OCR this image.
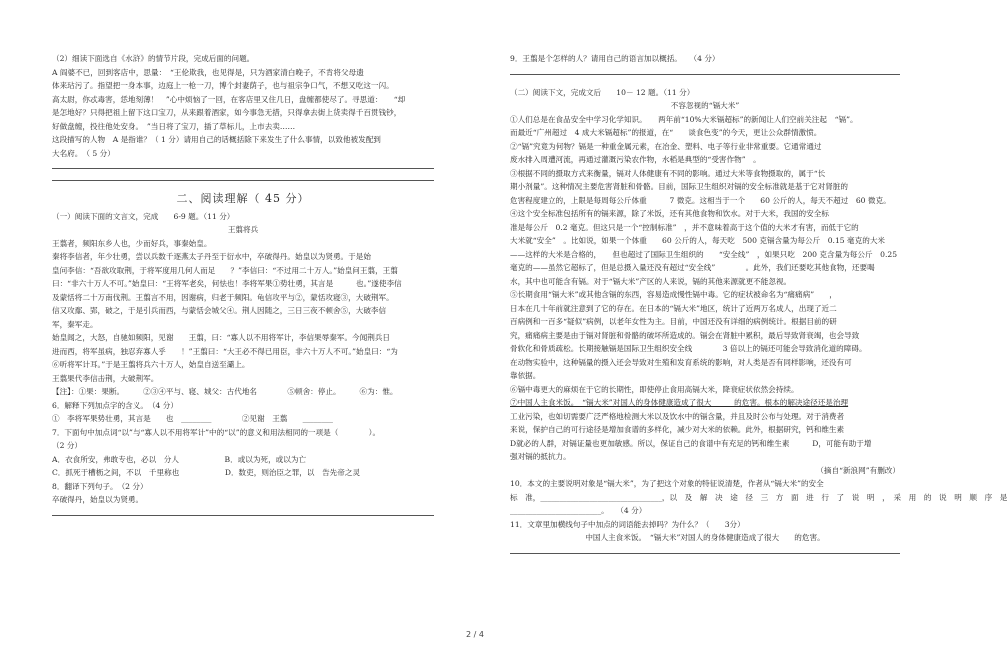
（2）细读下面选自《水浒》的情节片段，完成后面的问题。
A 阎婆不已，回到客店中，思量：　“王伦欺我，也见得是，只为酒家清白晚子，不肯将父母遗
体来玷污了。指望把一身本事，边庭上一枪一刀，博个封妻荫子，也与祖宗争口气，不想又吃这一闪。
高太尉，你忒毒害，恁地刻薄！　”心中烦恼了一回，在客店里又住几日，盘缠都使尽了。寻思道：　　“却
是怎地好？只得把祖上留下这口宝刀，从来跟着酒家，如今事急无措，只得拿去街上货卖得千百贯钱钞，
好做盘缠，投往他处安身。　”当日将了宝刀，插了草标儿，上市去卖……
这段描写的人物　A 是指谁？（ 1 分）请用自己的话概括除下来发生了什么事情，以致他被发配到
大名府。　（ 5 分）
二、阅读理解（ 45 分）
（一）阅读下面的文言文，完成　　6-9 题。（11 分）
王翦将兵
王翦者，频阳东乡人也，少而好兵，事秦始皇。
秦将李信者，年少壮勇，尝以兵数千逐燕太子丹至于衍水中，卒破得丹。始皇以为贤勇。于是始
皇问李信：“吾欲攻取荆，于将军度用几何人而足　　？”李信曰：“不过用二十万人。”始皇问王翦，王翦
曰：“非六十万人不可。”始皇曰：“王将军老矣，何怯也！李将军果①势壮勇，其言是　　　也。”遂使李信
及蒙恬将二十万南伐荆。王翦言不用，因谢病，归老于频阳。龟信攻平与②，蒙恬攻寝③，大破荆军。
信又攻鄢、郢，破之，于是引兵而西，与蒙恬会城父④。荆人因随之，三日三夜不顿舍⑤，大破李信
军，秦军走。
始皇闻之，大怒，自驰如频阳，见谢　　王翦，曰：“寡人以不用将军计，李信果辱秦军。今闻荆兵日
进而西，将军虽病，独忍弃寡人乎　　！”王翦曰：“大王必不得已用臣，非六十万人不可。”始皇曰：“为
⑥听将军计耳。”于是王翦将兵六十万人，始皇自送至灞上。
王翦果代李信击荆，大破荆军。
【注】：①果：果断。　　　②③④平与、寝、城父：古代地名　　　　⑤顿舍：停止。　　　⑥为：惟。
6．解释下列加点字的含义。　（4 分）
①　李将军果势壮勇，其言是　　也　________　　　　②见谢　王翦　　________
7．下面句中加点词“以”与“寡人以不用将军计”中的“以”的意义和用法相同的一项是（　　　　）。
（2 分）
A．衣食所安，弗敢专也，必以　分人　　　　　　B．或以为死，或以为亡
C．抓死于槽枥之间，不以　千里称也　　　　　　D．数吏，则治臣之罪，以　告先帝之灵
8．翻译下列句子。　（2 分）
卒破得丹，始皇以为贤勇。
9．王翦是个怎样的人？请用自己的语言加以概括。　　（4 分）
（二）阅读下文，完成文后　　10－ 12 题。（11 分）
不容忽视的“镉大米”
①人们总是在食品安全中学习化学知识。　　两年前“10%大米镉超标”的新闻让人们空前关注起　“镉”。
而最近“广州超过　4 成大米镉超标”的报道，在“　　谈食色变”的今天，更让公众群情激愤。
②“镉”究竟为何物？镉是一种重金属元素，在冶金、塑料、电子等行业非常重要。它通常通过
废水排入周遭河流，再通过灌溉污染农作物，水稻是典型的“受害作物”　。
③根据不同的摄取方式来衡量，镉对人体健康有不同的影响。通过大米等食物摄取的，属于“长
期小剂量”。这种情况主要危害肾脏和骨骼。目前，国际卫生组织对镉的安全标准就是基于它对肾脏的
危害程度建立的，上限是每周每公斤体重　　　7 微克。这相当于一个　　60 公斤的人，每天不超过　60 微克。
④这个安全标准包括所有的镉来源，除了米饭，还有其他食物和饮水。对于大米，我国的安全标
准是每公斤　0.2 毫克。但这只是一个“控制标准”　，并不意味着高于这个值的大米才有害，而低于它的
大米就“安全”　。比如说，如果一个体重　　60 公斤的人，每天吃　500 克镉含量为每公斤　0.15 毫克的大米
——这样的大米是合格的，　　但也超过了国际卫生组织的　　“安全线”　，如果只吃　200 克含量为每公斤　0.25
毫克的——虽然它超标了，但是总摄入量还没有超过“安全线”　　　　。此外，我们还要吃其他食物，还要喝
水，其中也可能含有镉。对于“镉大米”产区的人来说，镉的其他来源就更不能忽视。
⑤长期食用“镉大米”或其他含镉的东西，容易造成慢性镉中毒。它的症状被命名为“痛痛病”　　，
日本在几十年前就注意到了它的存在。在日本的“镉大米”地区，统计了近两万名成人，出现了近二
百病例和一百多“疑似”病例，以老年女性为主。目前，中国还没有详细的病例统计。根据目前的研
究，痛痛病主要是由于镉对肾脏和骨骼的破坏所造成的。镉会在肾脏中累积，最后导致肾衰竭，也会导致
骨软化和骨质疏松。长期接触镉是国际卫生组织安全线　　　　3 倍以上的镉还可能会导致消化道的障碍。
在动物实验中，这种镉量的摄入还会导致对生殖和发育系统的影响，对人类是否有同样影响，还没有可
靠依据。
⑥镉中毒更大的麻烦在于它的长期性，即使停止食用高镉大米，降衰症状依然会持续。
⑦中国人主食米饭。　“镉大米”对国人的身体健康造成了很大　　　的危害。根本的解决途径还是治理
工业污染，也如切需要广泛严格地检测大米以及饮水中的镉含量，并且及时公布与处理。对于消费者
来说，保护自己的可行途径是增加食谱的多样化，减少对大米的依赖。此外，根据研究，钙和维生素
D就必的人群，对镉证量也更加敏感。所以，保证自己的食谱中有充足的钙和维生素　　　D，可能有助于增
强对镉的抵抗力。
（摘自“新浪网”有删改）
10．本文的主要说明对象是“镉大米”，为了把这个对象的特征说清楚，作者从“镉大米”的安全
标　准，________________________________，以　及　解　决　途　径　三　方　面　进　行　了　说　明　，　采　用　的　说　明　顺　序　是
________________________。　　（4 分）
11．文章里加横线句子中加点的词语能去掉吗？为什么？（　　3分）
中国人主食米饭。　“镉大米”对国人的身体健康造成了很大　　的危害。
2 / 4
